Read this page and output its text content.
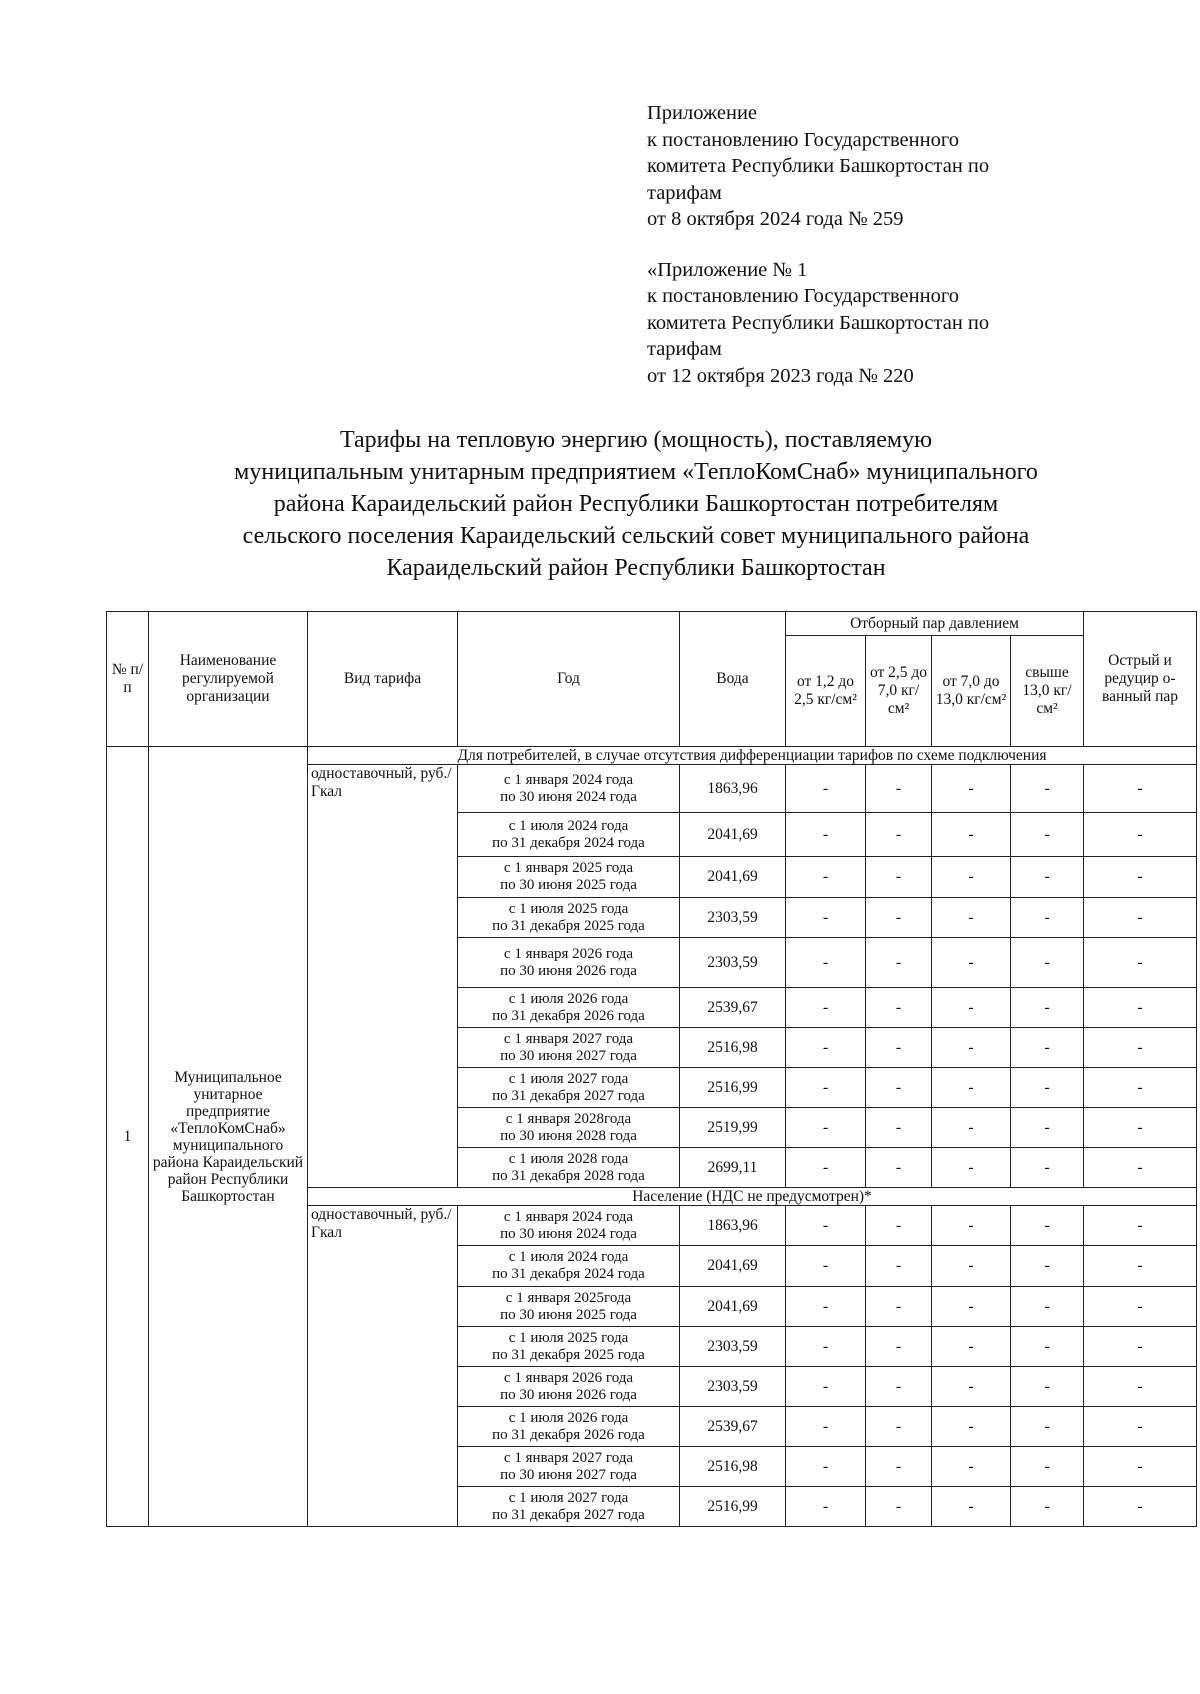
Приложение
к постановлению Государственного
комитета Республики Башкортостан по
тарифам
от 8 октября 2024 года № 259
«Приложение № 1
к постановлению Государственного
комитета Республики Башкортостан по
тарифам
от 12 октября 2023 года № 220
Тарифы на тепловую энергию (мощность), поставляемую
муниципальным унитарным предприятием «ТеплоКомСнаб» муниципального
района Караидельский район Республики Башкортостан потребителям
сельского поселения Караидельский сельский совет муниципального района
Караидельский район Республики Башкортостан
№ п/п	Наименование регулируемой организации	Вид тарифа	Год	Вода	Отборный пар давлением				Острый и редуцир о-ванный пар
					от 1,2 до 2,5 кг/см²	от 2,5 до 7,0 кг/см²	от 7,0 до 13,0 кг/см²	свыше 13,0 кг/см²	
1	Муниципальное унитарное предприятие «ТеплоКомСнаб» муниципального района Караидельский район Республики Башкортостан	Для потребителей, в случае отсутствия дифференциации тарифов по схеме подключения							
		одноставочный, руб./Гкал	с 1 января 2024 года
по 30 июня 2024 года	1863,96	-	-	-	-	-

			с 1 июля 2024 года
по 31 декабря 2024 года	2041,69	-	-	-	-	-

			с 1 января 2025 года
по 30 июня 2025 года	2041,69	-	-	-	-	-

			с 1 июля 2025 года
по 31 декабря 2025 года	2303,59	-	-	-	-	-

			с 1 января 2026 года
по 30 июня 2026 года	2303,59	-	-	-	-	-

			с 1 июля 2026 года
по 31 декабря 2026 года	2539,67	-	-	-	-	-

			с 1 января 2027 года
по 30 июня 2027 года	2516,98	-	-	-	-	-

			с 1 июля 2027 года
по 31 декабря 2027 года	2516,99	-	-	-	-	-

			с 1 января 2028года
по 30 июня 2028 года	2519,99	-	-	-	-	-

			с 1 июля 2028 года
по 31 декабря 2028 года	2699,11	-	-	-	-	-
		Население (НДС не предусмотрен)*							
		одноставочный, руб./Гкал	с 1 января 2024 года
по 30 июня 2024 года	1863,96	-	-	-	-	-

			с 1 июля 2024 года
по 31 декабря 2024 года	2041,69	-	-	-	-	-

			с 1 января 2025года
по 30 июня 2025 года	2041,69	-	-	-	-	-

			с 1 июля 2025 года
по 31 декабря 2025 года	2303,59	-	-	-	-	-

			с 1 января 2026 года
по 30 июня 2026 года	2303,59	-	-	-	-	-

			с 1 июля 2026 года
по 31 декабря 2026 года	2539,67	-	-	-	-	-

			с 1 января 2027 года
по 30 июня 2027 года	2516,98	-	-	-	-	-

			с 1 июля 2027 года
по 31 декабря 2027 года	2516,99	-	-	-	-	-
